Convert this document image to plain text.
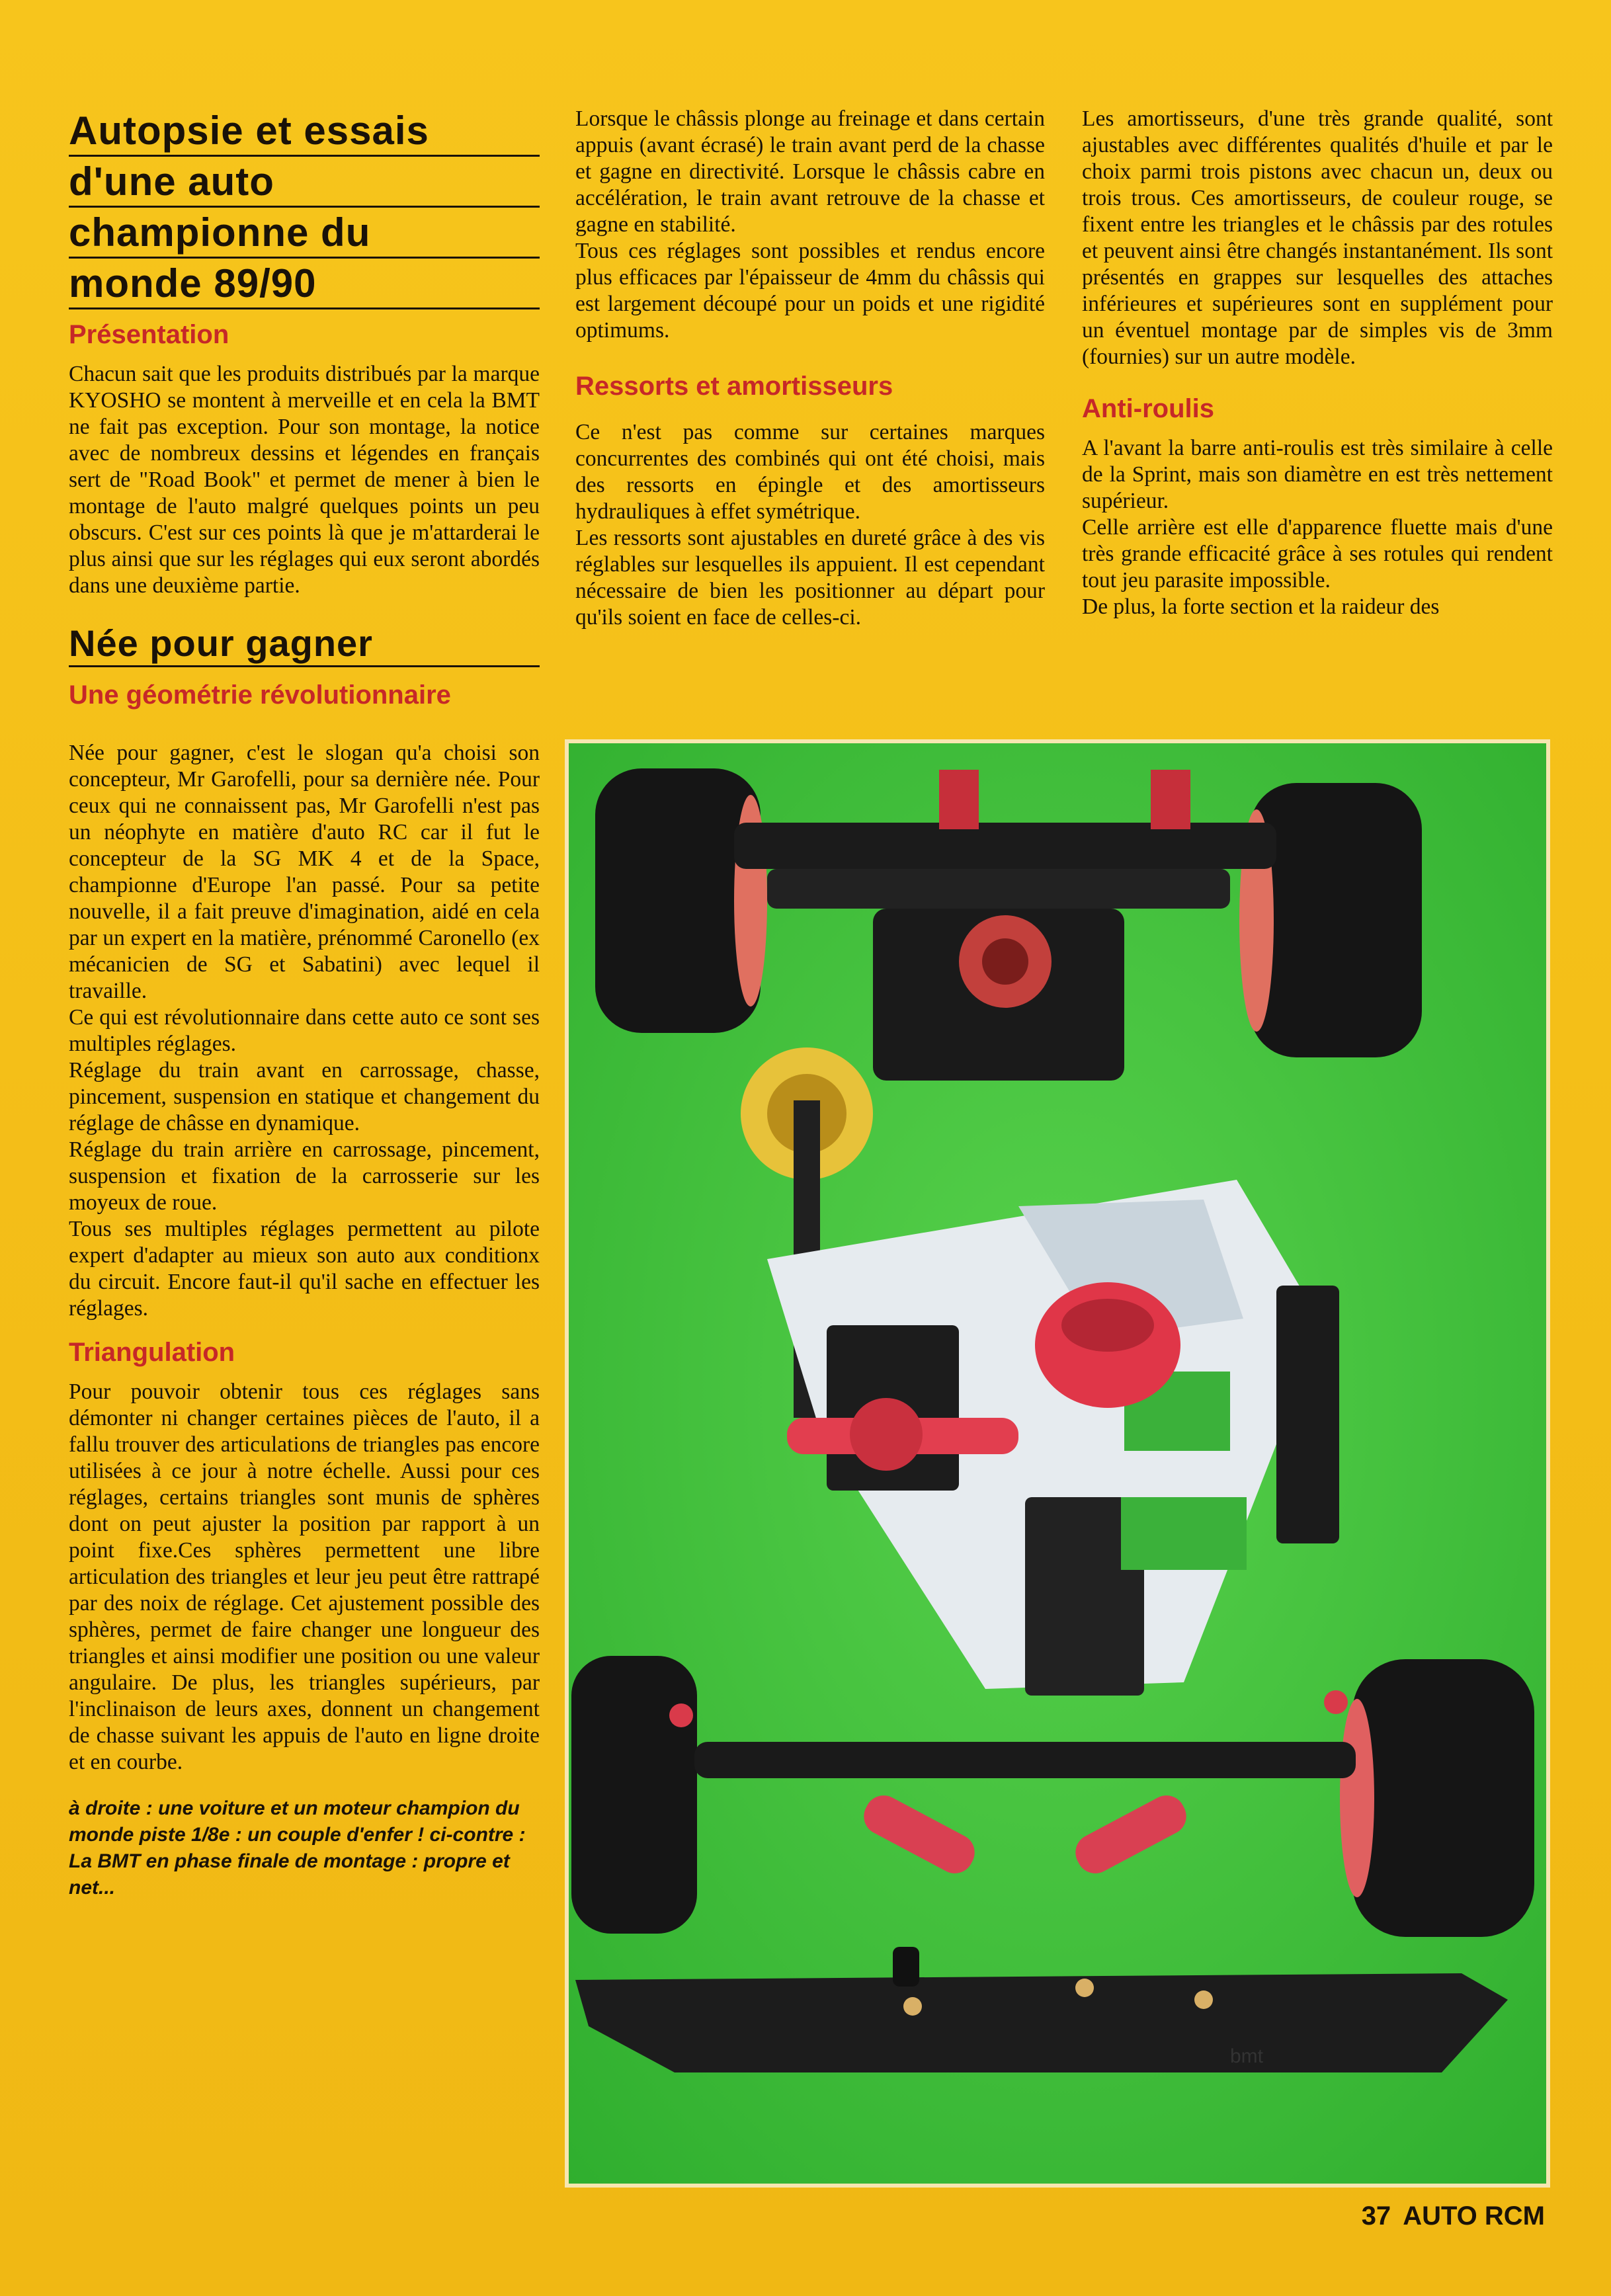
Autopsie et essais
d'une auto
championne du
monde 89/90
Présentation

Chacun sait que les produits distribués par la marque KYOSHO se montent à merveille et en cela la BMT ne fait pas exception. Pour son montage, la notice avec de nombreux dessins et légendes en français sert de "Road Book" et permet de mener à bien le montage de l'auto malgré quelques points un peu obscurs. C'est sur ces points là que je m'attarderai le plus ainsi que sur les réglages qui eux seront abordés dans une deuxième partie.

Née pour gagner
Une géométrie révolutionnaire

Née pour gagner, c'est le slogan qu'a choisi son concepteur, Mr Garofelli, pour sa dernière née. Pour ceux qui ne connaissent pas, Mr Garofelli n'est pas un néophyte en matière d'auto RC car il fut le concepteur de la SG MK 4 et de la Space, championne d'Europe l'an passé. Pour sa petite nouvelle, il a fait preuve d'imagination, aidé en cela par un expert en la matière, prénommé Caronello (ex mécanicien de SG et Sabatini) avec lequel il travaille.

Ce qui est révolutionnaire dans cette auto ce sont ses multiples réglages.

Réglage du train avant en carrossage, chasse, pincement, suspension en statique et changement du réglage de châsse en dynamique.

Réglage du train arrière en carrossage, pincement, suspension et fixation de la carrosserie sur les moyeux de roue.

Tous ses multiples réglages permettent au pilote expert d'adapter au mieux son auto aux conditionx du circuit. Encore faut-il qu'il sache en effectuer les réglages.

Triangulation

Pour pouvoir obtenir tous ces réglages sans démonter ni changer certaines pièces de l'auto, il a fallu trouver des articulations de triangles pas encore utilisées à ce jour à notre échelle. Aussi pour ces réglages, certains triangles sont munis de sphères dont on peut ajuster la position par rapport à un point fixe.Ces sphères permettent une libre articulation des triangles et leur jeu peut être rattrapé par des noix de réglage. Cet ajustement possible des sphères, permet de faire changer une longueur des triangles et ainsi modifier une position ou une valeur angulaire. De plus, les triangles supérieurs, par l'inclinaison de leurs axes, donnent un changement de chasse suivant les appuis de l'auto en ligne droite et en courbe.

à droite : une voiture et un moteur champion du monde piste 1/8e : un couple d'enfer ! ci-contre : La BMT en phase finale de montage : propre et net...

Lorsque le châssis plonge au freinage et dans certain appuis (avant écrasé) le train avant perd de la chasse et gagne en directivité. Lorsque le châssis cabre en accélération, le train avant retrouve de la chasse et gagne en stabilité.

Tous ces réglages sont possibles et rendus encore plus efficaces par l'épaisseur de 4mm du châssis qui est largement découpé pour un poids et une rigidité optimums.

Ressorts et amortisseurs

Ce n'est pas comme sur certaines marques concurrentes des combinés qui ont été choisi, mais des ressorts en épingle et des amortisseurs hydrauliques à effet symétrique.

Les ressorts sont ajustables en dureté grâce à des vis réglables sur lesquelles ils appuient. Il est cependant nécessaire de bien les positionner au départ pour qu'ils soient en face de celles-ci.

Les amortisseurs, d'une très grande qualité, sont ajustables avec différentes qualités d'huile et par le choix parmi trois pistons avec chacun un, deux ou trois trous. Ces amortisseurs, de couleur rouge, se fixent entre les triangles et le châssis par des rotules et peuvent ainsi être changés instantanément. Ils sont présentés en grappes sur lesquelles des attaches inférieures et supérieures sont en supplément pour un éventuel montage par de simples vis de 3mm (fournies) sur un autre modèle.

Anti-roulis

A l'avant la barre anti-roulis est très similaire à celle de la Sprint, mais son diamètre en est très nettement supérieur.

Celle arrière est elle d'apparence fluette mais d'une très grande efficacité grâce à ses rotules qui rendent tout jeu parasite impossible.

De plus, la forte section et la raideur des

bmt
37 AUTO RCM
